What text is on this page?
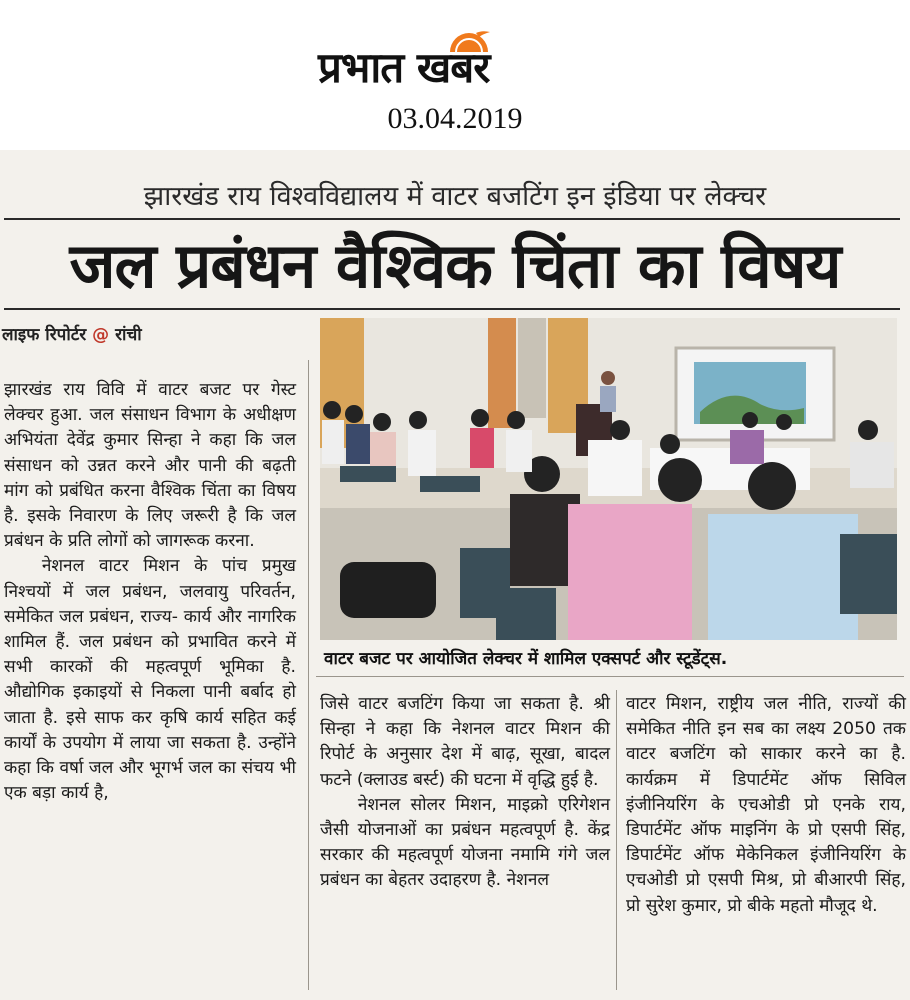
प्रभात खबर
03.04.2019
झारखंड राय विश्वविद्यालय में वाटर बजटिंग इन इंडिया पर लेक्चर
जल प्रबंधन वैश्विक चिंता का विषय
लाइफ रिपोर्टर @ रांची
वाटर बजट पर आयोजित लेक्चर में शामिल एक्सपर्ट और स्टूडेंट्स.

झारखंड राय विवि में वाटर बजट पर गेस्ट लेक्चर हुआ. जल संसाधन विभाग के अधीक्षण अभियंता देवेंद्र कुमार सिन्हा ने कहा कि जल संसाधन को उन्नत करने और पानी की बढ़ती मांग को प्रबंधित करना वैश्विक चिंता का विषय है. इसके निवारण के लिए जरूरी है कि जल प्रबंधन के प्रति लोगों को जागरूक करना.

नेशनल वाटर मिशन के पांच प्रमुख निश्चयों में जल प्रबंधन, जलवायु परिवर्तन, समेकित जल प्रबंधन, राज्य- कार्य और नागरिक शामिल हैं. जल प्रबंधन को प्रभावित करने में सभी कारकों की महत्वपूर्ण भूमिका है. औद्योगिक इकाइयों से निकला पानी बर्बाद हो जाता है. इसे साफ कर कृषि कार्य सहित कई कार्यों के उपयोग में लाया जा सकता है. उन्होंने कहा कि वर्षा जल और भूगर्भ जल का संचय भी एक बड़ा कार्य है,

जिसे वाटर बजटिंग किया जा सकता है. श्री सिन्हा ने कहा कि नेशनल वाटर मिशन की रिपोर्ट के अनुसार देश में बाढ़, सूखा, बादल फटने (क्लाउड बर्स्ट) की घटना में वृद्धि हुई है.

नेशनल सोलर मिशन, माइक्रो एरिगेशन जैसी योजनाओं का प्रबंधन महत्वपूर्ण है. केंद्र सरकार की महत्वपूर्ण योजना नमामि गंगे जल प्रबंधन का बेहतर उदाहरण है. नेशनल

वाटर मिशन, राष्ट्रीय जल नीति, राज्यों की समेकित नीति इन सब का लक्ष्य 2050 तक वाटर बजटिंग को साकार करने का है. कार्यक्रम में डिपार्टमेंट ऑफ सिविल इंजीनियरिंग के एचओडी प्रो एनके राय, डिपार्टमेंट ऑफ माइनिंग के प्रो एसपी सिंह, डिपार्टमेंट ऑफ मेकेनिकल इंजीनियरिंग के एचओडी प्रो एसपी मिश्र, प्रो बीआरपी सिंह, प्रो सुरेश कुमार, प्रो बीके महतो मौजूद थे.
